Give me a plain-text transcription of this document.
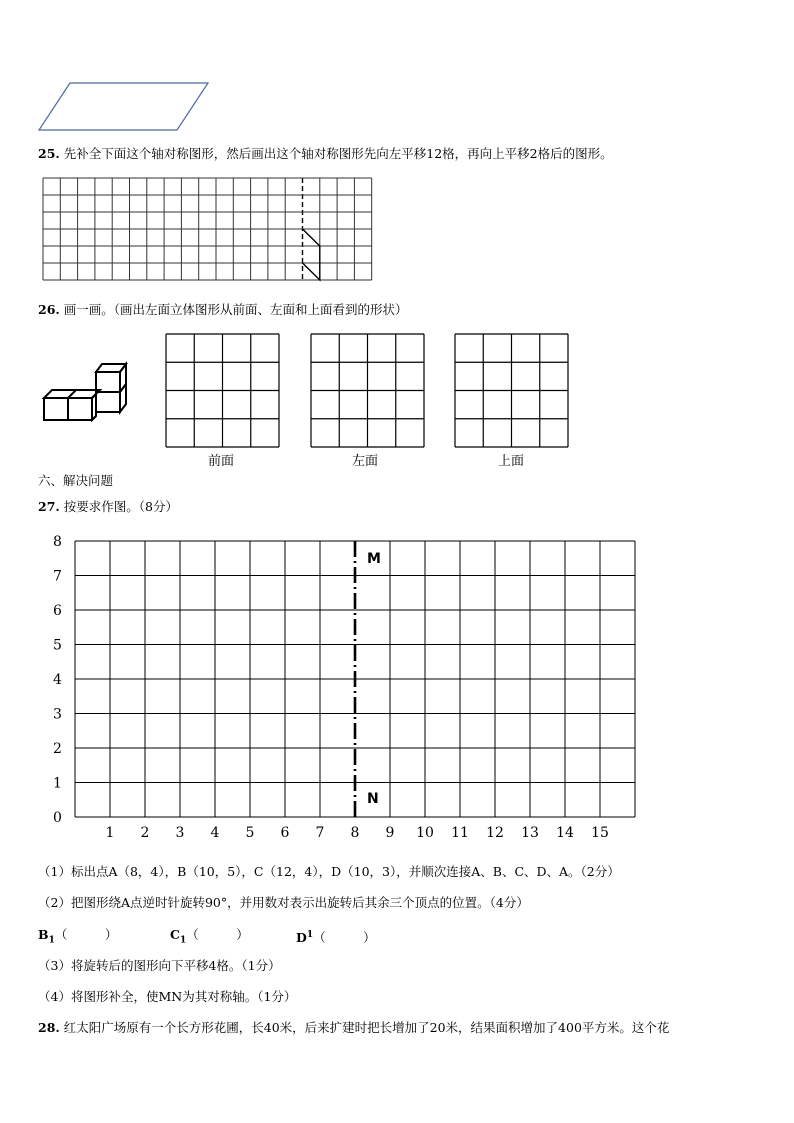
25. 先补全下面这个轴对称图形，然后画出这个轴对称图形先向左平移12格，再向上平移2格后的图形。
26. 画一画。（画出左面立体图形从前面、左面和上面看到的形状）
前面	左面	上面
六、解决问题
27. 按要求作图。（8分）
M
N
0
1
2
3
4
5
6
7
8
1 2 3 4 5 6 7 8 9 10 11 12 13 14 15
（1）标出点A（8，4），B（10，5），C（12，4），D（10，3），并顺次连接A、B、C、D、A。（2分）
（2）把图形绕A点逆时针旋转90°，并用数对表示出旋转后其余三个顶点的位置。（4分）
$B_1$（　　　）	$C_1$（　　　）	$D^1$（　　　）
（3）将旋转后的图形向下平移4格。（1分）
（4）将图形补全，使MN为其对称轴。（1分）
28. 红太阳广场原有一个长方形花圃，长40米，后来扩建时把长增加了20米，结果面积增加了400平方米。这个花
